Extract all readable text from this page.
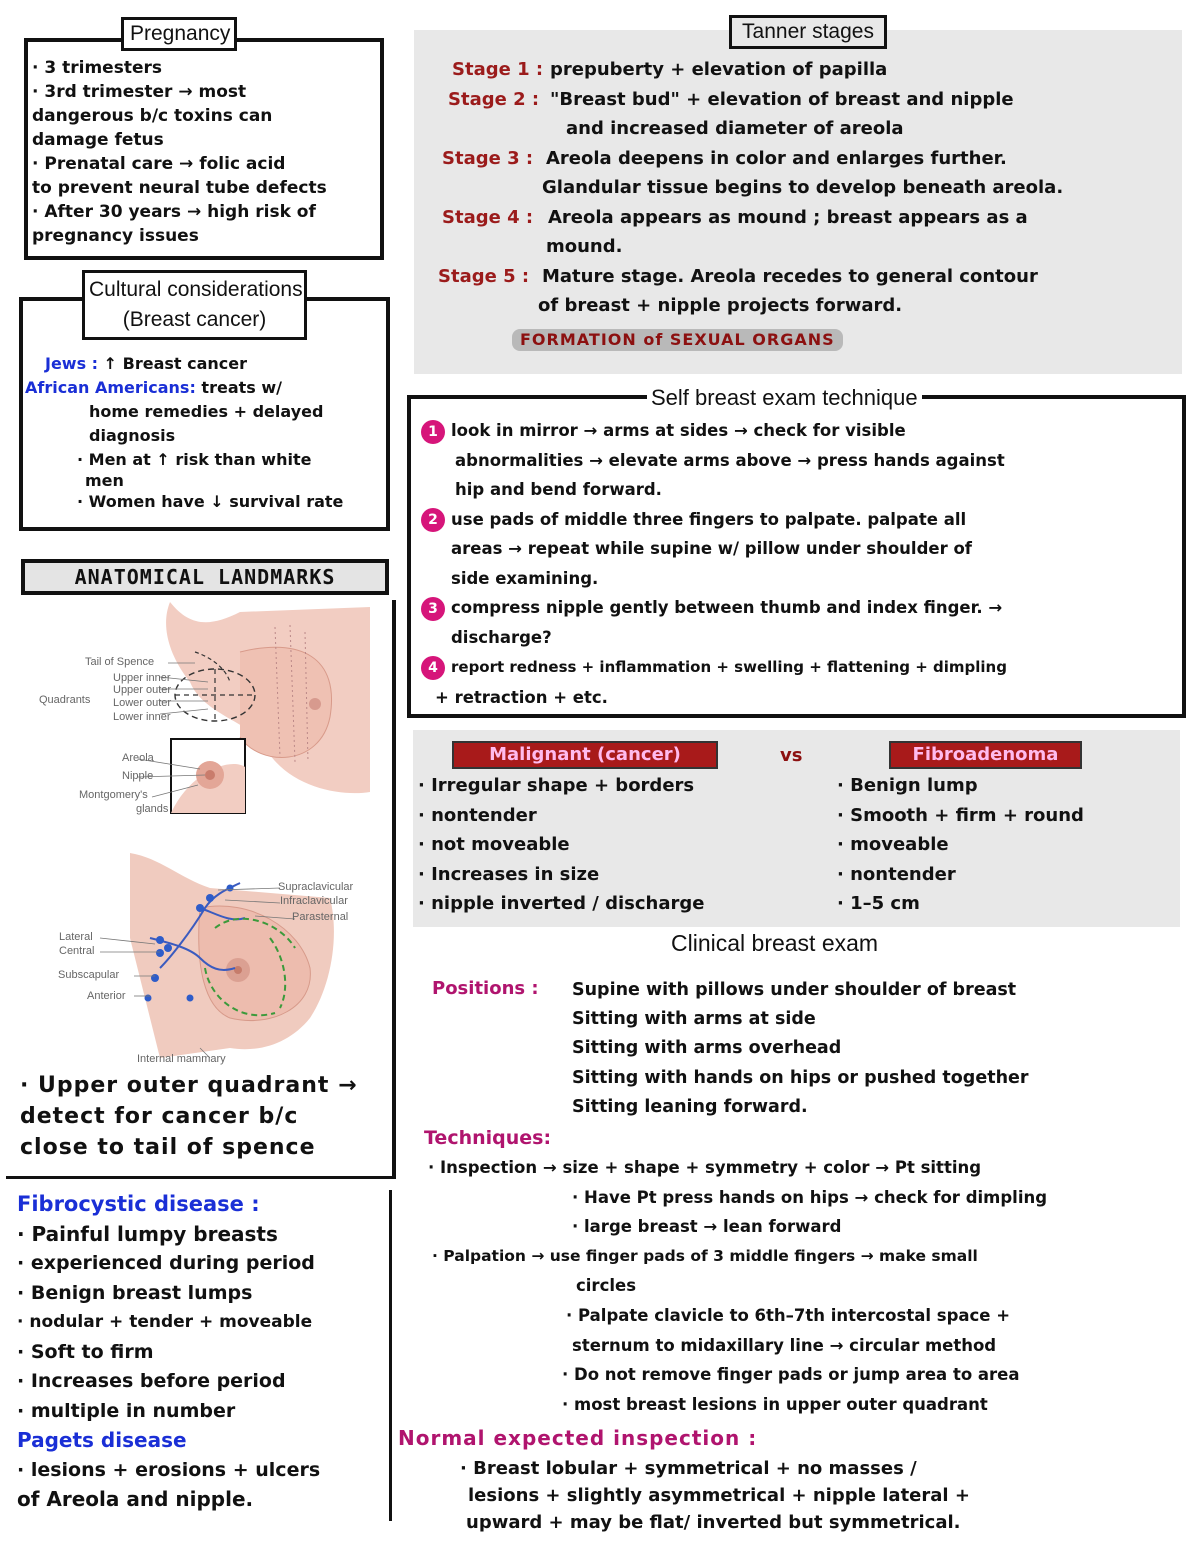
Pregnancy
· 3 trimesters
· 3rd trimester → most
dangerous b/c toxins can
damage fetus
· Prenatal care → folic acid
to prevent neural tube defects
· After 30 years → high risk of
pregnancy issues
Cultural considerations
(Breast cancer)
Jews : ↑ Breast cancer
African Americans: treats w/
home remedies + delayed
diagnosis
· Men at ↑ risk than white
men
· Women have ↓ survival rate
ANATOMICAL LANDMARKS
Tail of Spence
Upper inner
Quadrants
Upper outer
Lower outer
Lower inner
Areola
Nipple
Montgomery's
glands
Supraclavicular
Infraclavicular
Parasternal
Lateral
Central
Subscapular
Anterior
Internal mammary
· Upper outer quadrant →
detect for cancer b/c
close to tail of spence
Fibrocystic disease :
· Painful lumpy breasts
· experienced during period
· Benign breast lumps
· nodular + tender + moveable
· Soft to firm
· Increases before period
· multiple in number
Pagets disease
· lesions + erosions + ulcers
of Areola and nipple.
Tanner stages
Stage 1 : prepuberty + elevation of papilla
Stage 2 : "Breast bud" + elevation of breast and nipple
and increased diameter of areola
Stage 3 : Areola deepens in color and enlarges further.
Glandular tissue begins to develop beneath areola.
Stage 4 : Areola appears as mound ; breast appears as a
mound.
Stage 5 : Mature stage. Areola recedes to general contour
of breast + nipple projects forward.
FORMATION of SEXUAL ORGANS
Self breast exam technique
1 look in mirror → arms at sides → check for visible
abnormalities → elevate arms above → press hands against
hip and bend forward.
2 use pads of middle three fingers to palpate. palpate all
areas → repeat while supine w/ pillow under shoulder of
side examining.
3 compress nipple gently between thumb and index finger. →
discharge?
4 report redness + inflammation + swelling + flattening + dimpling
+ retraction + etc.
Malignant (cancer)	vs	Fibroadenoma
· Irregular shape + borders
· nontender
· not moveable
· Increases in size
· nipple inverted / discharge
· Benign lump
· Smooth + firm + round
· moveable
· nontender
· 1–5 cm
Clinical breast exam
Positions : Supine with pillows under shoulder of breast
Sitting with arms at side
Sitting with arms overhead
Sitting with hands on hips or pushed together
Sitting leaning forward.
Techniques:
· Inspection → size + shape + symmetry + color → Pt sitting
· Have Pt press hands on hips → check for dimpling
· large breast → lean forward
· Palpation → use finger pads of 3 middle fingers → make small
circles
· Palpate clavicle to 6th–7th intercostal space +
sternum to midaxillary line → circular method
· Do not remove finger pads or jump area to area
· most breast lesions in upper outer quadrant
Normal expected inspection :
· Breast lobular + symmetrical + no masses /
lesions + slightly asymmetrical + nipple lateral +
upward + may be flat/ inverted but symmetrical.
